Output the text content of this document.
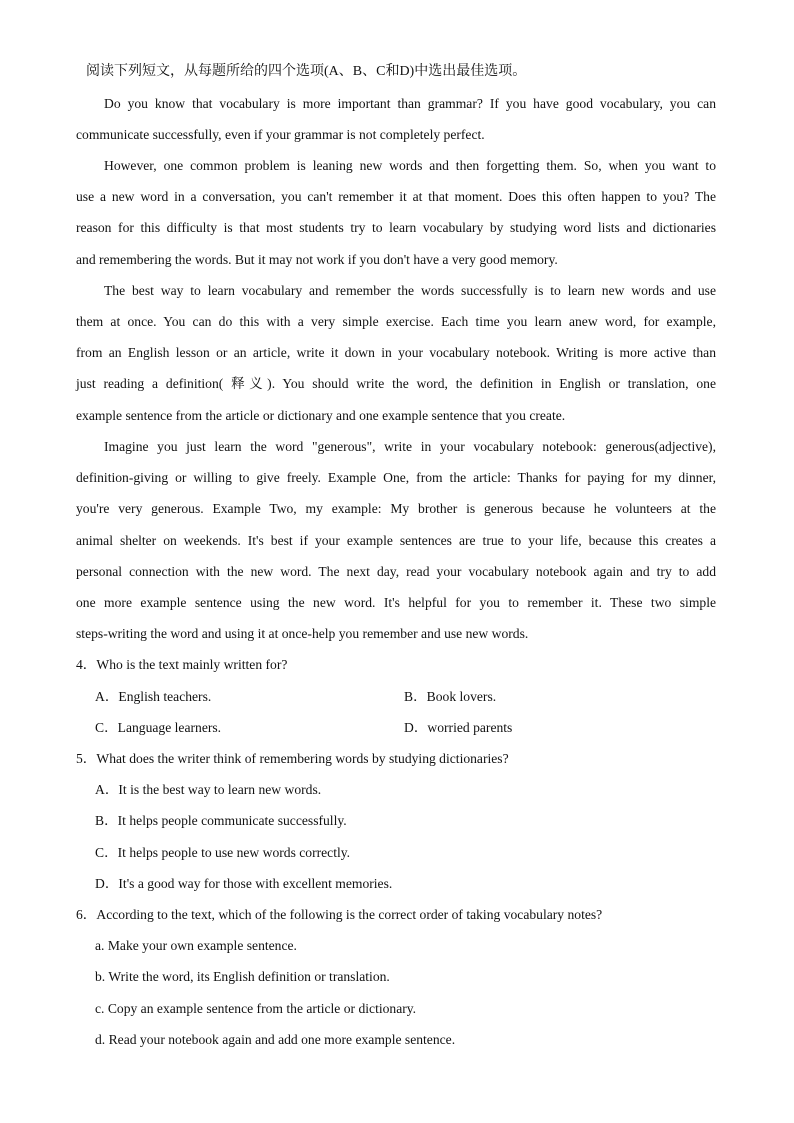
阅读下列短文，从每题所给的四个选项(A、B、C和D)中选出最佳选项。
Do you know that vocabulary is more important than grammar? If you have good vocabulary, you can
communicate successfully, even if your grammar is not completely perfect.
However, one common problem is leaning new words and then forgetting them. So, when you want to
use a new word in a conversation, you can't remember it at that moment. Does this often happen to you? The
reason for this difficulty is that most students try to learn vocabulary by studying word lists and dictionaries
and remembering the words. But it may not work if you don't have a very good memory.
The best way to learn vocabulary and remember the words successfully is to learn new words and use
them at once. You can do this with a very simple exercise. Each time you learn anew word, for example,
from an English lesson or an article, write it down in your vocabulary notebook. Writing is more active than
just reading a definition( 释义). You should write the word, the definition in English or translation, one
example sentence from the article or dictionary and one example sentence that you create.
Imagine you just learn the word "generous", write in your vocabulary notebook: generous(adjective),
definition-giving or willing to give freely. Example One, from the article: Thanks for paying for my dinner,
you're very generous. Example Two, my example: My brother is generous because he volunteers at the
animal shelter on weekends. It's best if your example sentences are true to your life, because this creates a
personal connection with the new word. The next day, read your vocabulary notebook again and try to add
one more example sentence using the new word. It's helpful for you to remember it. These two simple
steps-writing the word and using it at once-help you remember and use new words.
4．Who is the text mainly written for?
A．English teachers.	B．Book lovers.
C．Language learners.	D．worried parents
5．What does the writer think of remembering words by studying dictionaries?
A．It is the best way to learn new words.
B．It helps people communicate successfully.
C．It helps people to use new words correctly.
D．It's a good way for those with excellent memories.
6．According to the text, which of the following is the correct order of taking vocabulary notes?
a. Make your own example sentence.
b. Write the word, its English definition or translation.
c. Copy an example sentence from the article or dictionary.
d. Read your notebook again and add one more example sentence.
